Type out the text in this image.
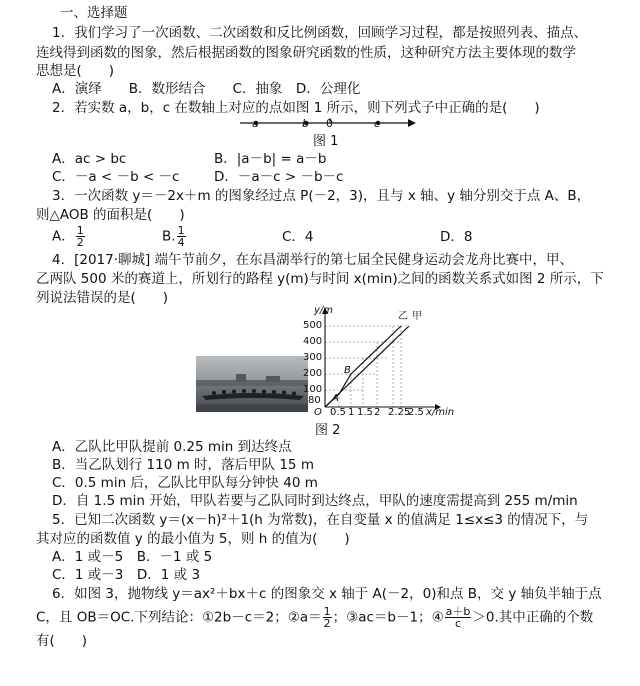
一、选择题
1．我们学习了一次函数、二次函数和反比例函数，回顾学习过程，都是按照列表、描点、
连线得到函数的图象，然后根据函数的图象研究函数的性质，这种研究方法主要体现的数学
思想是(　　)
A．演绎　　B．数形结合　　C．抽象　D．公理化
2．若实数 a，b，c 在数轴上对应的点如图 1 所示，则下列式子中正确的是(　　)
a	b 0	c
图 1
A．ac > bc	B．|a－b| = a－b
C．－a < －b < －c	D．－a－c > －b－c
3．一次函数 y＝－2x＋m 的图象经过点 P(－2，3)，且与 x 轴、y 轴分别交于点 A、B，
则△AOB 的面积是(　　)
A． $\frac{1}{2}$	B. $\frac{1}{4}$	C．4	D．8
4．[2017·聊城] 端午节前夕，在东昌湖举行的第七届全民健身运动会龙舟比赛中，甲、
乙两队 500 米的赛道上，所划行的路程 y(m)与时间 x(min)之间的函数关系式如图 2 所示，下
列说法错误的是(　　)
y/m
乙 甲
500
400
300
200
100
80
B
A
O 0.5 1 1.5 2 2.25
2.5 x/min
图 2
A．乙队比甲队提前 0.25 min 到达终点
B．当乙队划行 110 m 时，落后甲队 15 m
C．0.5 min 后，乙队比甲队每分钟快 40 m
D．自 1.5 min 开始，甲队若要与乙队同时到达终点，甲队的速度需提高到 255 m/min
5．已知二次函数 y＝(x－h)²＋1(h 为常数)，在自变量 x 的值满足 1≤x≤3 的情况下，与
其对应的函数值 y 的最小值为 5，则 h 的值为(　　)
A．1 或－5　B．－1 或 5
C．1 或－3　D．1 或 3
6．如图 3，抛物线 y＝ax²＋bx＋c 的图象交 x 轴于 A(－2，0)和点 B，交 y 轴负半轴于点
C，且 OB＝OC.下列结论：①2b－c＝2；②a＝ $\frac{1}{2}$ ；③ac＝b－1；④ $\frac{a+b}{c} >0$.其中正确的个数
有(　　)
